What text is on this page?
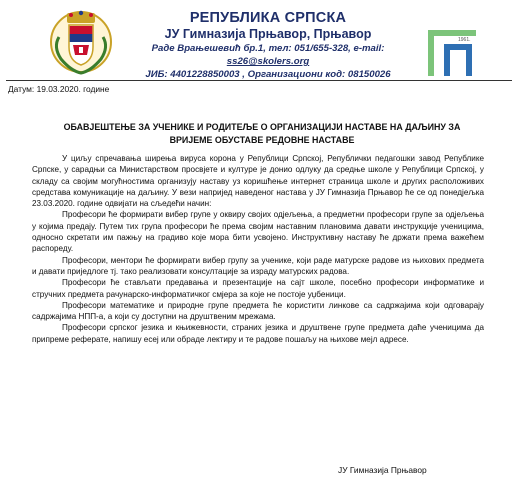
РЕПУБЛИКА СРПСКА
ЈУ Гимназија Прњавор, Прњавор
Раде Врањешевић бр.1, тел: 051/655-328, e-mail: ss26@skolers.org
ЈИБ: 4401228850003 , Организациони код: 08150026
1961.
Датум: 19.03.2020. године
ОБАВЈЕШТЕЊЕ ЗА УЧЕНИКЕ И РОДИТЕЉЕ О ОРГАНИЗАЦИЈИ НАСТАВЕ НА ДАЉИНУ ЗА ВРИЈЕМЕ ОБУСТАВЕ РЕДОВНЕ НАСТАВЕ

У циљу спречавања ширења вируса корона у Републици Српској, Републички педагошки завод Републике Српске, у сарадњи са Министарством просвјете и културе је донио одлуку да средње школе у Републици Српској, у складу са својим могућностима организују наставу уз коришћење интернет страница школе и других расположивих средстава комуникације на даљину. У вези напријед наведеног наставa у ЈУ Гимназија Прњавор ће се од понедјељка 23.03.2020. године одвијати на сљедећи начин:

Професори ће формирати вибер групе у оквиру својих одјељења, а предметни професори групе за одјељења у којима предају. Путем тих група професори ће према својим наставним плановима давати инструкције ученицима, односно скретати им пажњу на градиво које мора бити усвојено. Инструктивну наставу ће држати према важећем распореду.

Професори, ментори ће формирати вибер групу за ученике, који раде матурске радове из њихових предмета и давати приједлоге тј. тако реализовати консултације за израду матурских радова.

Професори ће стављати предавања и презентације на сајт школе, посебно професори информатике и стручних предмета рачунарско-информатичког смјера за које не постоје уџбеници.

Професори математике и природне групе предмета ће користити линкове са садржајима који одговарају садржајима НПП-а, а који су доступни на друштвеним мрежама.

Професори српског језика и књижевности, страних језика и друштвене групе предмета даће ученицима да припреме реферате, напишу есеј или обраде лектиру и те радове пошаљу на њихове мејл адресе.

ЈУ Гимназија Прњавор
